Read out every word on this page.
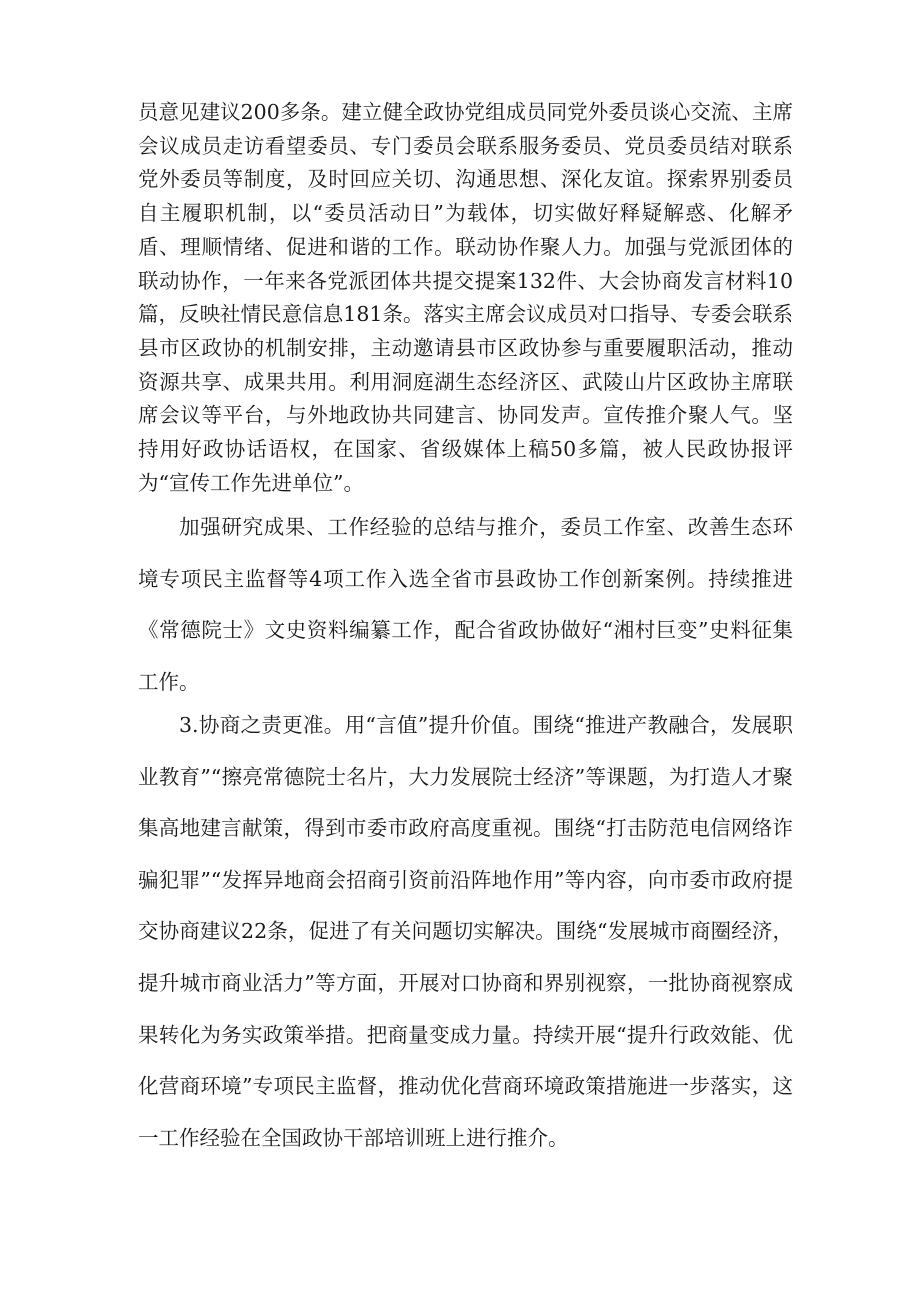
员意见建议200多条。建立健全政协党组成员同党外委员谈心交流、主席会议成员走访看望委员、专门委员会联系服务委员、党员委员结对联系党外委员等制度，及时回应关切、沟通思想、深化友谊。探索界别委员自主履职机制，以“委员活动日”为载体，切实做好释疑解惑、化解矛盾、理顺情绪、促进和谐的工作。联动协作聚人力。加强与党派团体的联动协作，一年来各党派团体共提交提案132件、大会协商发言材料10篇，反映社情民意信息181条。落实主席会议成员对口指导、专委会联系县市区政协的机制安排，主动邀请县市区政协参与重要履职活动，推动资源共享、成果共用。利用洞庭湖生态经济区、武陵山片区政协主席联席会议等平台，与外地政协共同建言、协同发声。宣传推介聚人气。坚持用好政协话语权，在国家、省级媒体上稿50多篇，被人民政协报评为“宣传工作先进单位”。

加强研究成果、工作经验的总结与推介，委员工作室、改善生态环境专项民主监督等4项工作入选全省市县政协工作创新案例。持续推进《常德院士》文史资料编纂工作，配合省政协做好“湘村巨变”史料征集工作。

3.协商之责更准。用“言值”提升价值。围绕“推进产教融合，发展职业教育”“擦亮常德院士名片，大力发展院士经济”等课题，为打造人才聚集高地建言献策，得到市委市政府高度重视。围绕“打击防范电信网络诈骗犯罪”“发挥异地商会招商引资前沿阵地作用”等内容，向市委市政府提交协商建议22条，促进了有关问题切实解决。围绕“发展城市商圈经济，提升城市商业活力”等方面，开展对口协商和界别视察，一批协商视察成果转化为务实政策举措。把商量变成力量。持续开展“提升行政效能、优化营商环境”专项民主监督，推动优化营商环境政策措施进一步落实，这一工作经验在全国政协干部培训班上进行推介。
